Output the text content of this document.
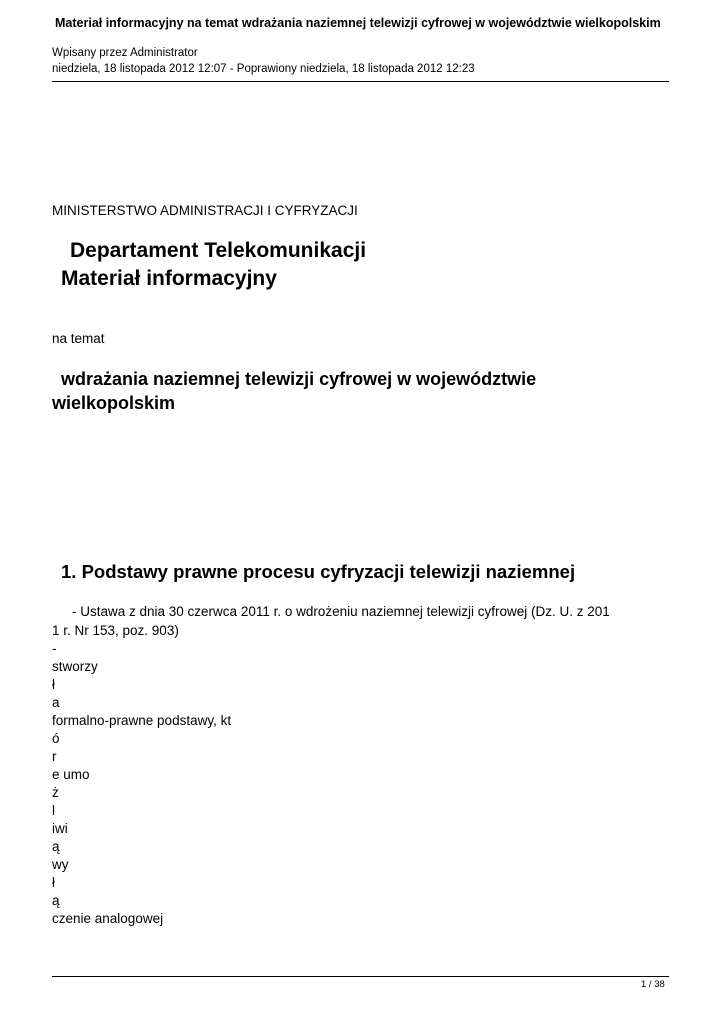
Materiał informacyjny na temat wdrażania naziemnej telewizji cyfrowej w województwie wielkopolskim
Wpisany przez Administrator
niedziela, 18 listopada 2012 12:07 - Poprawiony niedziela, 18 listopada 2012 12:23
MINISTERSTWO ADMINISTRACJI I CYFRYZACJI
Departament Telekomunikacji
Materiał informacyjny
na temat
wdrażania naziemnej telewizji cyfrowej w województwie
wielkopolskim
1. Podstawy prawne procesu cyfryzacji telewizji naziemnej
- Ustawa z dnia 30 czerwca 2011 r. o wdrożeniu naziemnej telewizji cyfrowej (Dz. U. z 201
1 r. Nr 153, poz. 903)
-
stworzy
ł
a
formalno-prawne podstawy, kt
ó
r
e umo
ż
l
iwi
ą
wy
ł
ą
czenie analogowej
1 / 38
